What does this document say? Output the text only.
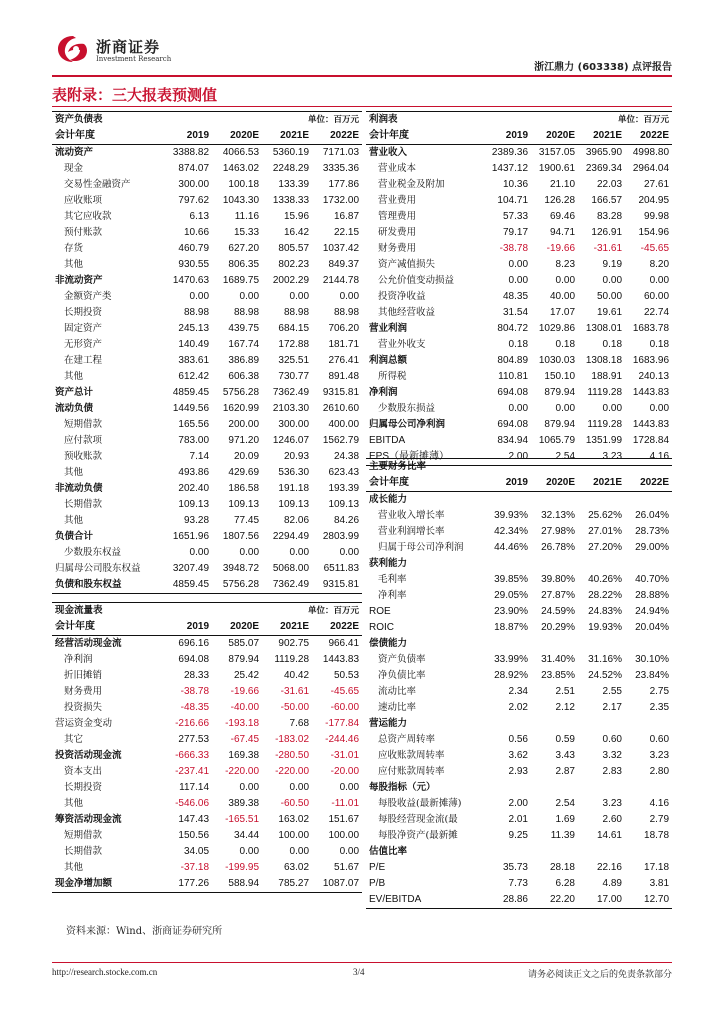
浙商证券
Investment Research
浙江鼎力 (603338) 点评报告
表附录：三大报表预测值
资产负债表		单位：百万元		
会计年度	2019	2020E	2021E	2022E
流动资产	3388.82	4066.53	5360.19	7171.03
现金	874.07	1463.02	2248.29	3335.36
交易性金融资产	300.00	100.18	133.39	177.86
应收账项	797.62	1043.30	1338.33	1732.00
其它应收款	6.13	11.16	15.96	16.87
预付账款	10.66	15.33	16.42	22.15
存货	460.79	627.20	805.57	1037.42
其他	930.55	806.35	802.23	849.37
非流动资产	1470.63	1689.75	2002.29	2144.78
金额资产类	0.00	0.00	0.00	0.00
长期投资	88.98	88.98	88.98	88.98
固定资产	245.13	439.75	684.15	706.20
无形资产	140.49	167.74	172.88	181.71
在建工程	383.61	386.89	325.51	276.41
其他	612.42	606.38	730.77	891.48
资产总计	4859.45	5756.28	7362.49	9315.81
流动负债	1449.56	1620.99	2103.30	2610.60
短期借款	165.56	200.00	300.00	400.00
应付款项	783.00	971.20	1246.07	1562.79
预收账款	7.14	20.09	20.93	24.38
其他	493.86	429.69	536.30	623.43
非流动负债	202.40	186.58	191.18	193.39
长期借款	109.13	109.13	109.13	109.13
其他	93.28	77.45	82.06	84.26
负债合计	1651.96	1807.56	2294.49	2803.99
少数股东权益	0.00	0.00	0.00	0.00
归属母公司股东权益	3207.49	3948.72	5068.00	6511.83
负债和股东权益	4859.45	5756.28	7362.49	9315.81
利润表		单位：百万元		
会计年度	2019	2020E	2021E	2022E
营业收入	2389.36	3157.05	3965.90	4998.80
营业成本	1437.12	1900.61	2369.34	2964.04
营业税金及附加	10.36	21.10	22.03	27.61
营业费用	104.71	126.28	166.57	204.95
管理费用	57.33	69.46	83.28	99.98
研发费用	79.17	94.71	126.91	154.96
财务费用	-38.78	-19.66	-31.61	-45.65
资产减值损失	0.00	8.23	9.19	8.20
公允价值变动损益	0.00	0.00	0.00	0.00
投资净收益	48.35	40.00	50.00	60.00
其他经营收益	31.54	17.07	19.61	22.74
营业利润	804.72	1029.86	1308.01	1683.78
营业外收支	0.18	0.18	0.18	0.18
利润总额	804.89	1030.03	1308.18	1683.96
所得税	110.81	150.10	188.91	240.13
净利润	694.08	879.94	1119.28	1443.83
少数股东损益	0.00	0.00	0.00	0.00
归属母公司净利润	694.08	879.94	1119.28	1443.83
EBITDA	834.94	1065.79	1351.99	1728.84
EPS（最新摊薄）	2.00	2.54	3.23	4.16
主要财务比率				
会计年度	2019	2020E	2021E	2022E
成长能力				
营业收入增长率	39.93%	32.13%	25.62%	26.04%
营业利润增长率	42.34%	27.98%	27.01%	28.73%
归属于母公司净利润	44.46%	26.78%	27.20%	29.00%
获利能力				
毛利率	39.85%	39.80%	40.26%	40.70%
净利率	29.05%	27.87%	28.22%	28.88%
ROE	23.90%	24.59%	24.83%	24.94%
ROIC	18.87%	20.29%	19.93%	20.04%
偿债能力				
资产负债率	33.99%	31.40%	31.16%	30.10%
净负债比率	28.92%	23.85%	24.52%	23.84%
流动比率	2.34	2.51	2.55	2.75
速动比率	2.02	2.12	2.17	2.35
营运能力				
总资产周转率	0.56	0.59	0.60	0.60
应收账款周转率	3.62	3.43	3.32	3.23
应付账款周转率	2.93	2.87	2.83	2.80
每股指标（元）				
每股收益(最新摊薄)	2.00	2.54	3.23	4.16
每股经营现金流(最	2.01	1.69	2.60	2.79
每股净资产(最新摊	9.25	11.39	14.61	18.78
估值比率				
P/E	35.73	28.18	22.16	17.18
P/B	7.73	6.28	4.89	3.81
EV/EBITDA	28.86	22.20	17.00	12.70
现金流量表		单位：百万元		
会计年度	2019	2020E	2021E	2022E
经营活动现金流	696.16	585.07	902.75	966.41
净利润	694.08	879.94	1119.28	1443.83
折旧摊销	28.33	25.42	40.42	50.53
财务费用	-38.78	-19.66	-31.61	-45.65
投资损失	-48.35	-40.00	-50.00	-60.00
营运资金变动	-216.66	-193.18	7.68	-177.84
其它	277.53	-67.45	-183.02	-244.46
投资活动现金流	-666.33	169.38	-280.50	-31.01
资本支出	-237.41	-220.00	-220.00	-20.00
长期投资	117.14	0.00	0.00	0.00
其他	-546.06	389.38	-60.50	-11.01
筹资活动现金流	147.43	-165.51	163.02	151.67
短期借款	150.56	34.44	100.00	100.00
长期借款	34.05	0.00	0.00	0.00
其他	-37.18	-199.95	63.02	51.67
现金净增加额	177.26	588.94	785.27	1087.07
资料来源：Wind、浙商证券研究所
http://research.stocke.com.cn	3/4	请务必阅读正文之后的免责条款部分
